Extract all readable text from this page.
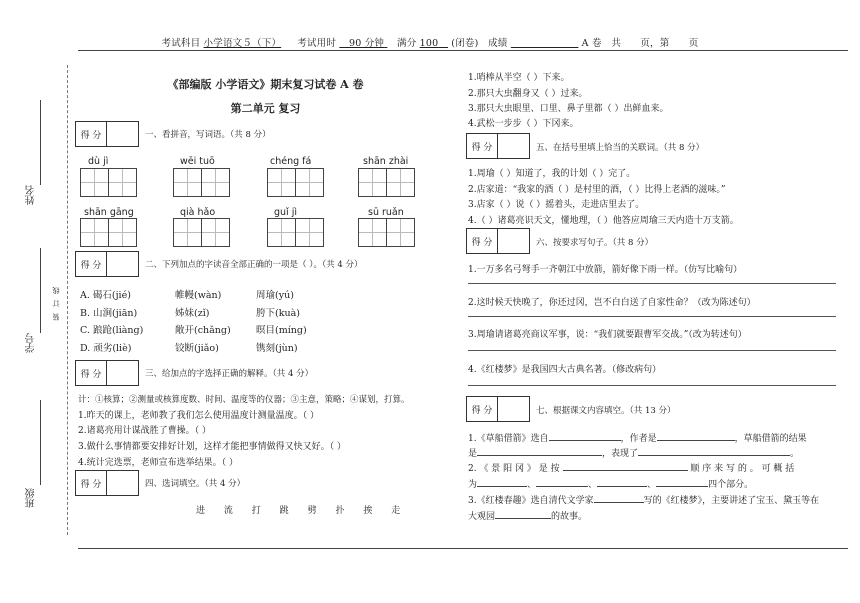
考试科目 小学语文５（下） 考试用时 90 分钟 满分 100 (闭卷) 成绩	A 卷 共 页，第 页
姓名
学号
装 订 线
班级
《部编版 小学语文》期末复习试卷 A 卷
第二单元 复习
得 分	一、看拼音，写词语。（共 8 分）
dù jì	wēi tuō	chéng fá	shān zhài
shān gāng	qià hǎo	guǐ jì	sū ruǎn
得 分	二、下列加点的字读音全部正确的一项是（ ）。（共 4 分）
A. 碣石(jié)	帷幔(wàn)	周瑜(yú)
B. 山涧(jiān)	姊妹(zǐ)	胯下(kuà)
C. 踉跄(liàng)	敞开(chǎng)	暝目(míng)
D. 顽劣(liè)	铰断(jiǎo)	镌刻(jùn)
得 分	三、给加点的字选择正确的解释。（共 4 分）
计：①核算；②测量或核算度数、时间、温度等的仪器；③主意，策略；④谋划，打算。
1.昨天的课上，老师教了我们怎么使用温度计测量温度。（ ）
2.诸葛亮用计谋战胜了曹操。（ ）
3.做什么事情都要安排好计划，这样才能把事情做得又快又好。（ ）
4.统计完选票，老师宣布选举结果。（ ）
得 分	四、选词填空。（共 4 分）
进 流 打 跳 劈 扑 挨 走
1.哨棒从半空（ ）下来。
2.那只大虫翻身又（ ）过来。
3.那只大虫眼里、口里、鼻子里都（ ）出鲜血来。
4.武松一步步（ ）下冈来。
得 分	五、在括号里填上恰当的关联词。（共 8 分）
1.周瑜（ ）知道了，我的计划（ ）完了。
2.店家道：“我家的酒（ ）是村里的酒，（ ）比得上老酒的滋味。”
3.店家（ ）说（ ）摇着头，走进店里去了。
4.（ ）诸葛亮识天文，懂地理，（ ）他答应周瑜三天内造十万支箭。
得 分	六、按要求写句子。（共 8 分）
1.一万多名弓弩手一齐朝江中放箭，箭好像下雨一样。（仿写比喻句）
2.这时候天快晚了，你还过冈，岂不白白送了自家性命？（改为陈述句）
3.周瑜请诸葛亮商议军事，说：“我们就要跟曹军交战。”（改为转述句）
4.《红楼梦》是我国四大古典名著。（修改病句）
得 分	七、根据课文内容填空。（共 13 分）
1.《草船借箭》选自	，作者是	，草船借箭的结果
是	，表现了	。
2. 《 景 阳 冈 》 是 按	顺 序 来 写 的 。 可 概 括
为	、	、	、	四个部分。
3.《红楼春趣》选自清代文学家	写的《红楼梦》，主要讲述了宝玉、黛玉等在
大观园	的故事。
